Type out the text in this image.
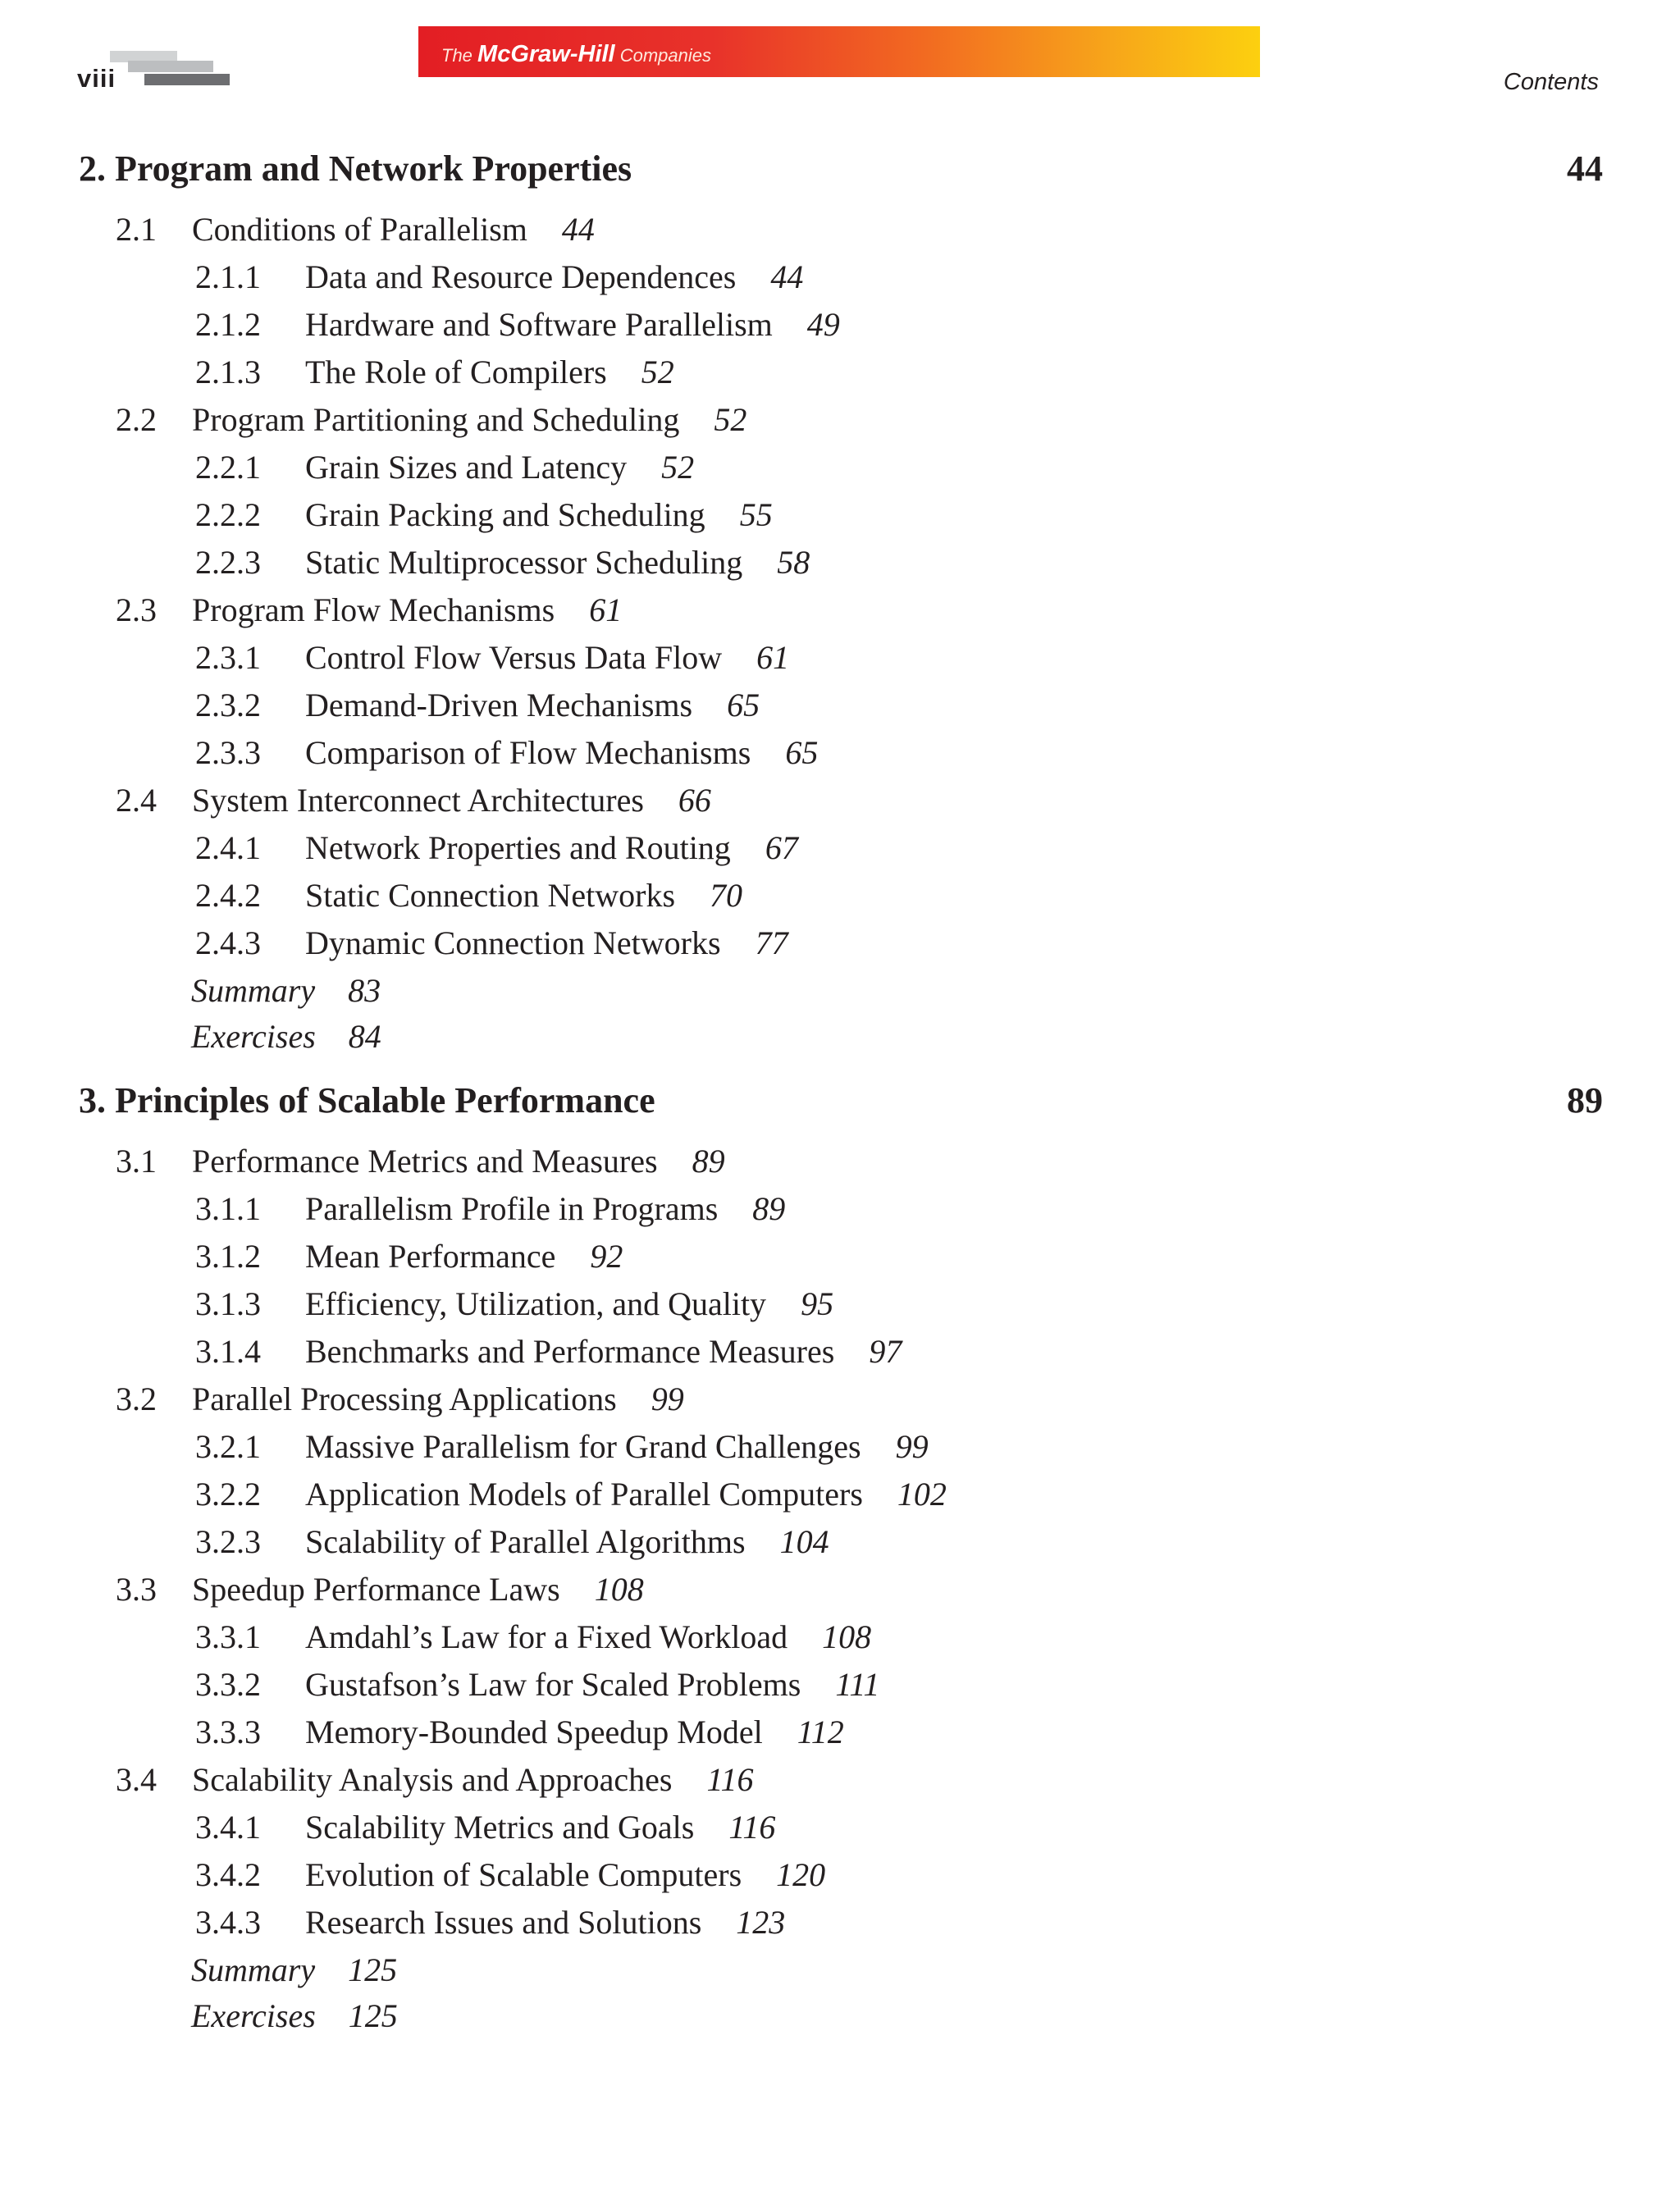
viii
The McGraw-Hill Companies
Contents
2. Program and Network Properties	44
2.1 Conditions of Parallelism 44
2.1.1 Data and Resource Dependences 44
2.1.2 Hardware and Software Parallelism 49
2.1.3 The Role of Compilers 52
2.2 Program Partitioning and Scheduling 52
2.2.1 Grain Sizes and Latency 52
2.2.2 Grain Packing and Scheduling 55
2.2.3 Static Multiprocessor Scheduling 58
2.3 Program Flow Mechanisms 61
2.3.1 Control Flow Versus Data Flow 61
2.3.2 Demand-Driven Mechanisms 65
2.3.3 Comparison of Flow Mechanisms 65
2.4 System Interconnect Architectures 66
2.4.1 Network Properties and Routing 67
2.4.2 Static Connection Networks 70
2.4.3 Dynamic Connection Networks 77
Summary 83
Exercises 84
3. Principles of Scalable Performance	89
3.1 Performance Metrics and Measures 89
3.1.1 Parallelism Profile in Programs 89
3.1.2 Mean Performance 92
3.1.3 Efficiency, Utilization, and Quality 95
3.1.4 Benchmarks and Performance Measures 97
3.2 Parallel Processing Applications 99
3.2.1 Massive Parallelism for Grand Challenges 99
3.2.2 Application Models of Parallel Computers 102
3.2.3 Scalability of Parallel Algorithms 104
3.3 Speedup Performance Laws 108
3.3.1 Amdahl’s Law for a Fixed Workload 108
3.3.2 Gustafson’s Law for Scaled Problems 111
3.3.3 Memory-Bounded Speedup Model 112
3.4 Scalability Analysis and Approaches 116
3.4.1 Scalability Metrics and Goals 116
3.4.2 Evolution of Scalable Computers 120
3.4.3 Research Issues and Solutions 123
Summary 125
Exercises 125
